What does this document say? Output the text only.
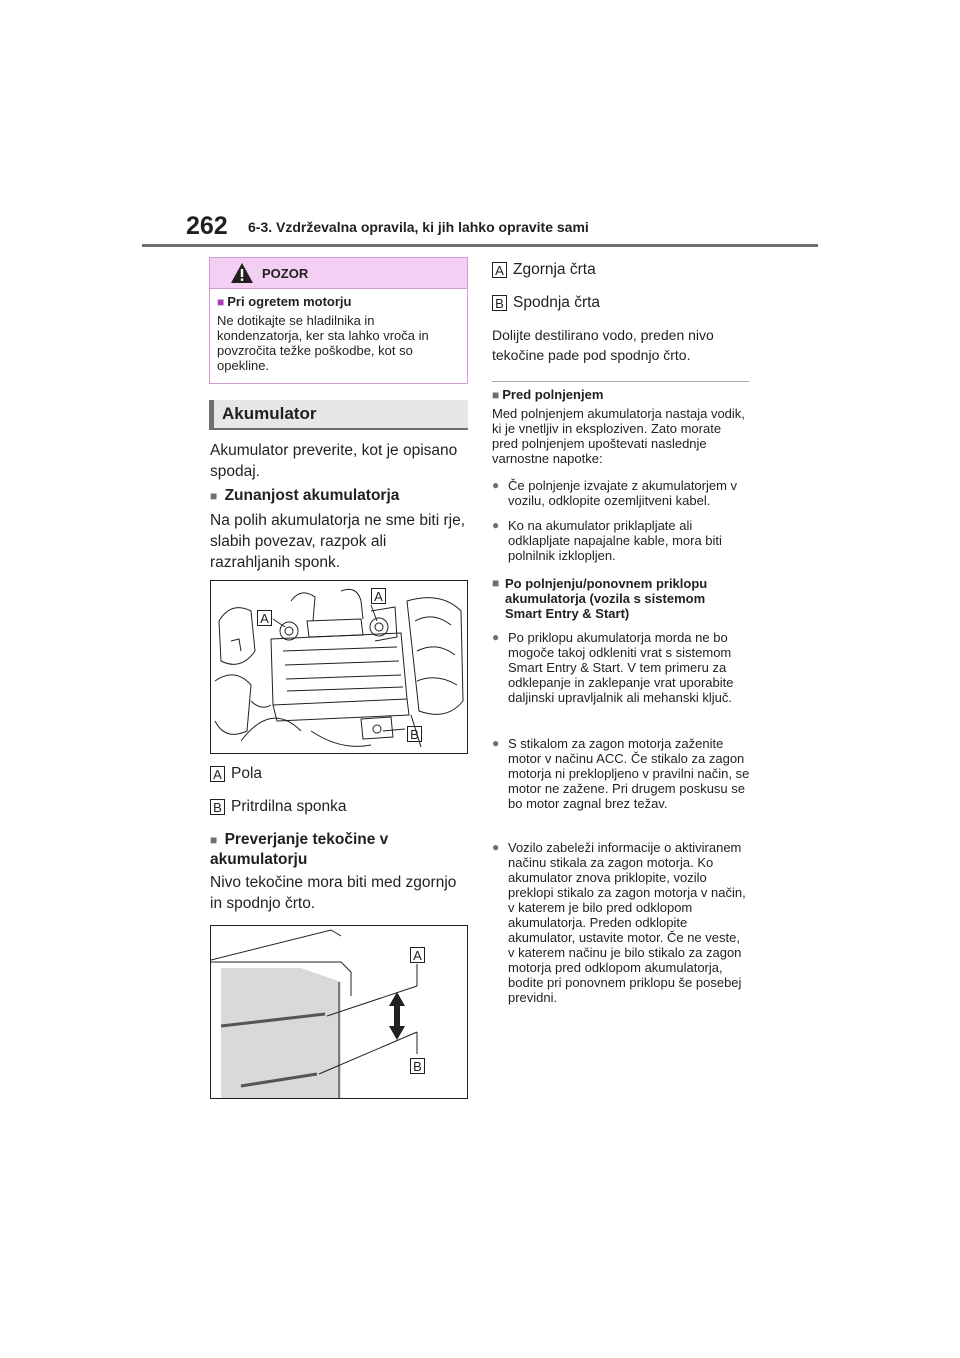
262 6-3. Vzdrževalna opravila, ki jih lahko opravite sami
POZOR
■ Pri ogretem motorju
Ne dotikajte se hladilnika in kondenzatorja, ker sta lahko vroča in povzročita težke poškodbe, kot so opekline.
Akumulator
Akumulator preverite, kot je opisano spodaj.
■ Zunanjost akumulatorja
Na polih akumulatorja ne sme biti rje, slabih povezav, razpok ali razrahljanih sponk.
A
A
B
A Pola
B Pritrdilna sponka
■ Preverjanje tekočine v akumulatorju
Nivo tekočine mora biti med zgornjo in spodnjo črto.
A
B
A Zgornja črta
B Spodnja črta
Dolijte destilirano vodo, preden nivo tekočine pade pod spodnjo črto.
■ Pred polnjenjem
Med polnjenjem akumulatorja nastaja vodik, ki je vnetljiv in eksploziven. Zato morate pred polnjenjem upoštevati naslednje varnostne napotke:
● Če polnjenje izvajate z akumulatorjem v vozilu, odklopite ozemljitveni kabel.
● Ko na akumulator priklapljate ali odklapljate napajalne kable, mora biti polnilnik izklopljen.
■ Po polnjenju/ponovnem priklopu akumulatorja (vozila s sistemom Smart Entry & Start)
● Po priklopu akumulatorja morda ne bo mogoče takoj odkleniti vrat s sistemom Smart Entry & Start. V tem primeru za odklepanje in zaklepanje vrat uporabite daljinski upravljalnik ali mehanski ključ.
● S stikalom za zagon motorja zaženite motor v načinu ACC. Če stikalo za zagon motorja ni preklopljeno v pravilni način, se motor ne zažene. Pri drugem poskusu se bo motor zagnal brez težav.
● Vozilo zabeleži informacije o aktiviranem načinu stikala za zagon motorja. Ko akumulator znova priklopite, vozilo preklopi stikalo za zagon motorja v način, v katerem je bilo pred odklopom akumulatorja. Preden odklopite akumulator, ustavite motor. Če ne veste, v katerem načinu je bilo stikalo za zagon motorja pred odklopom akumulatorja, bodite pri ponovnem priklopu še posebej previdni.
